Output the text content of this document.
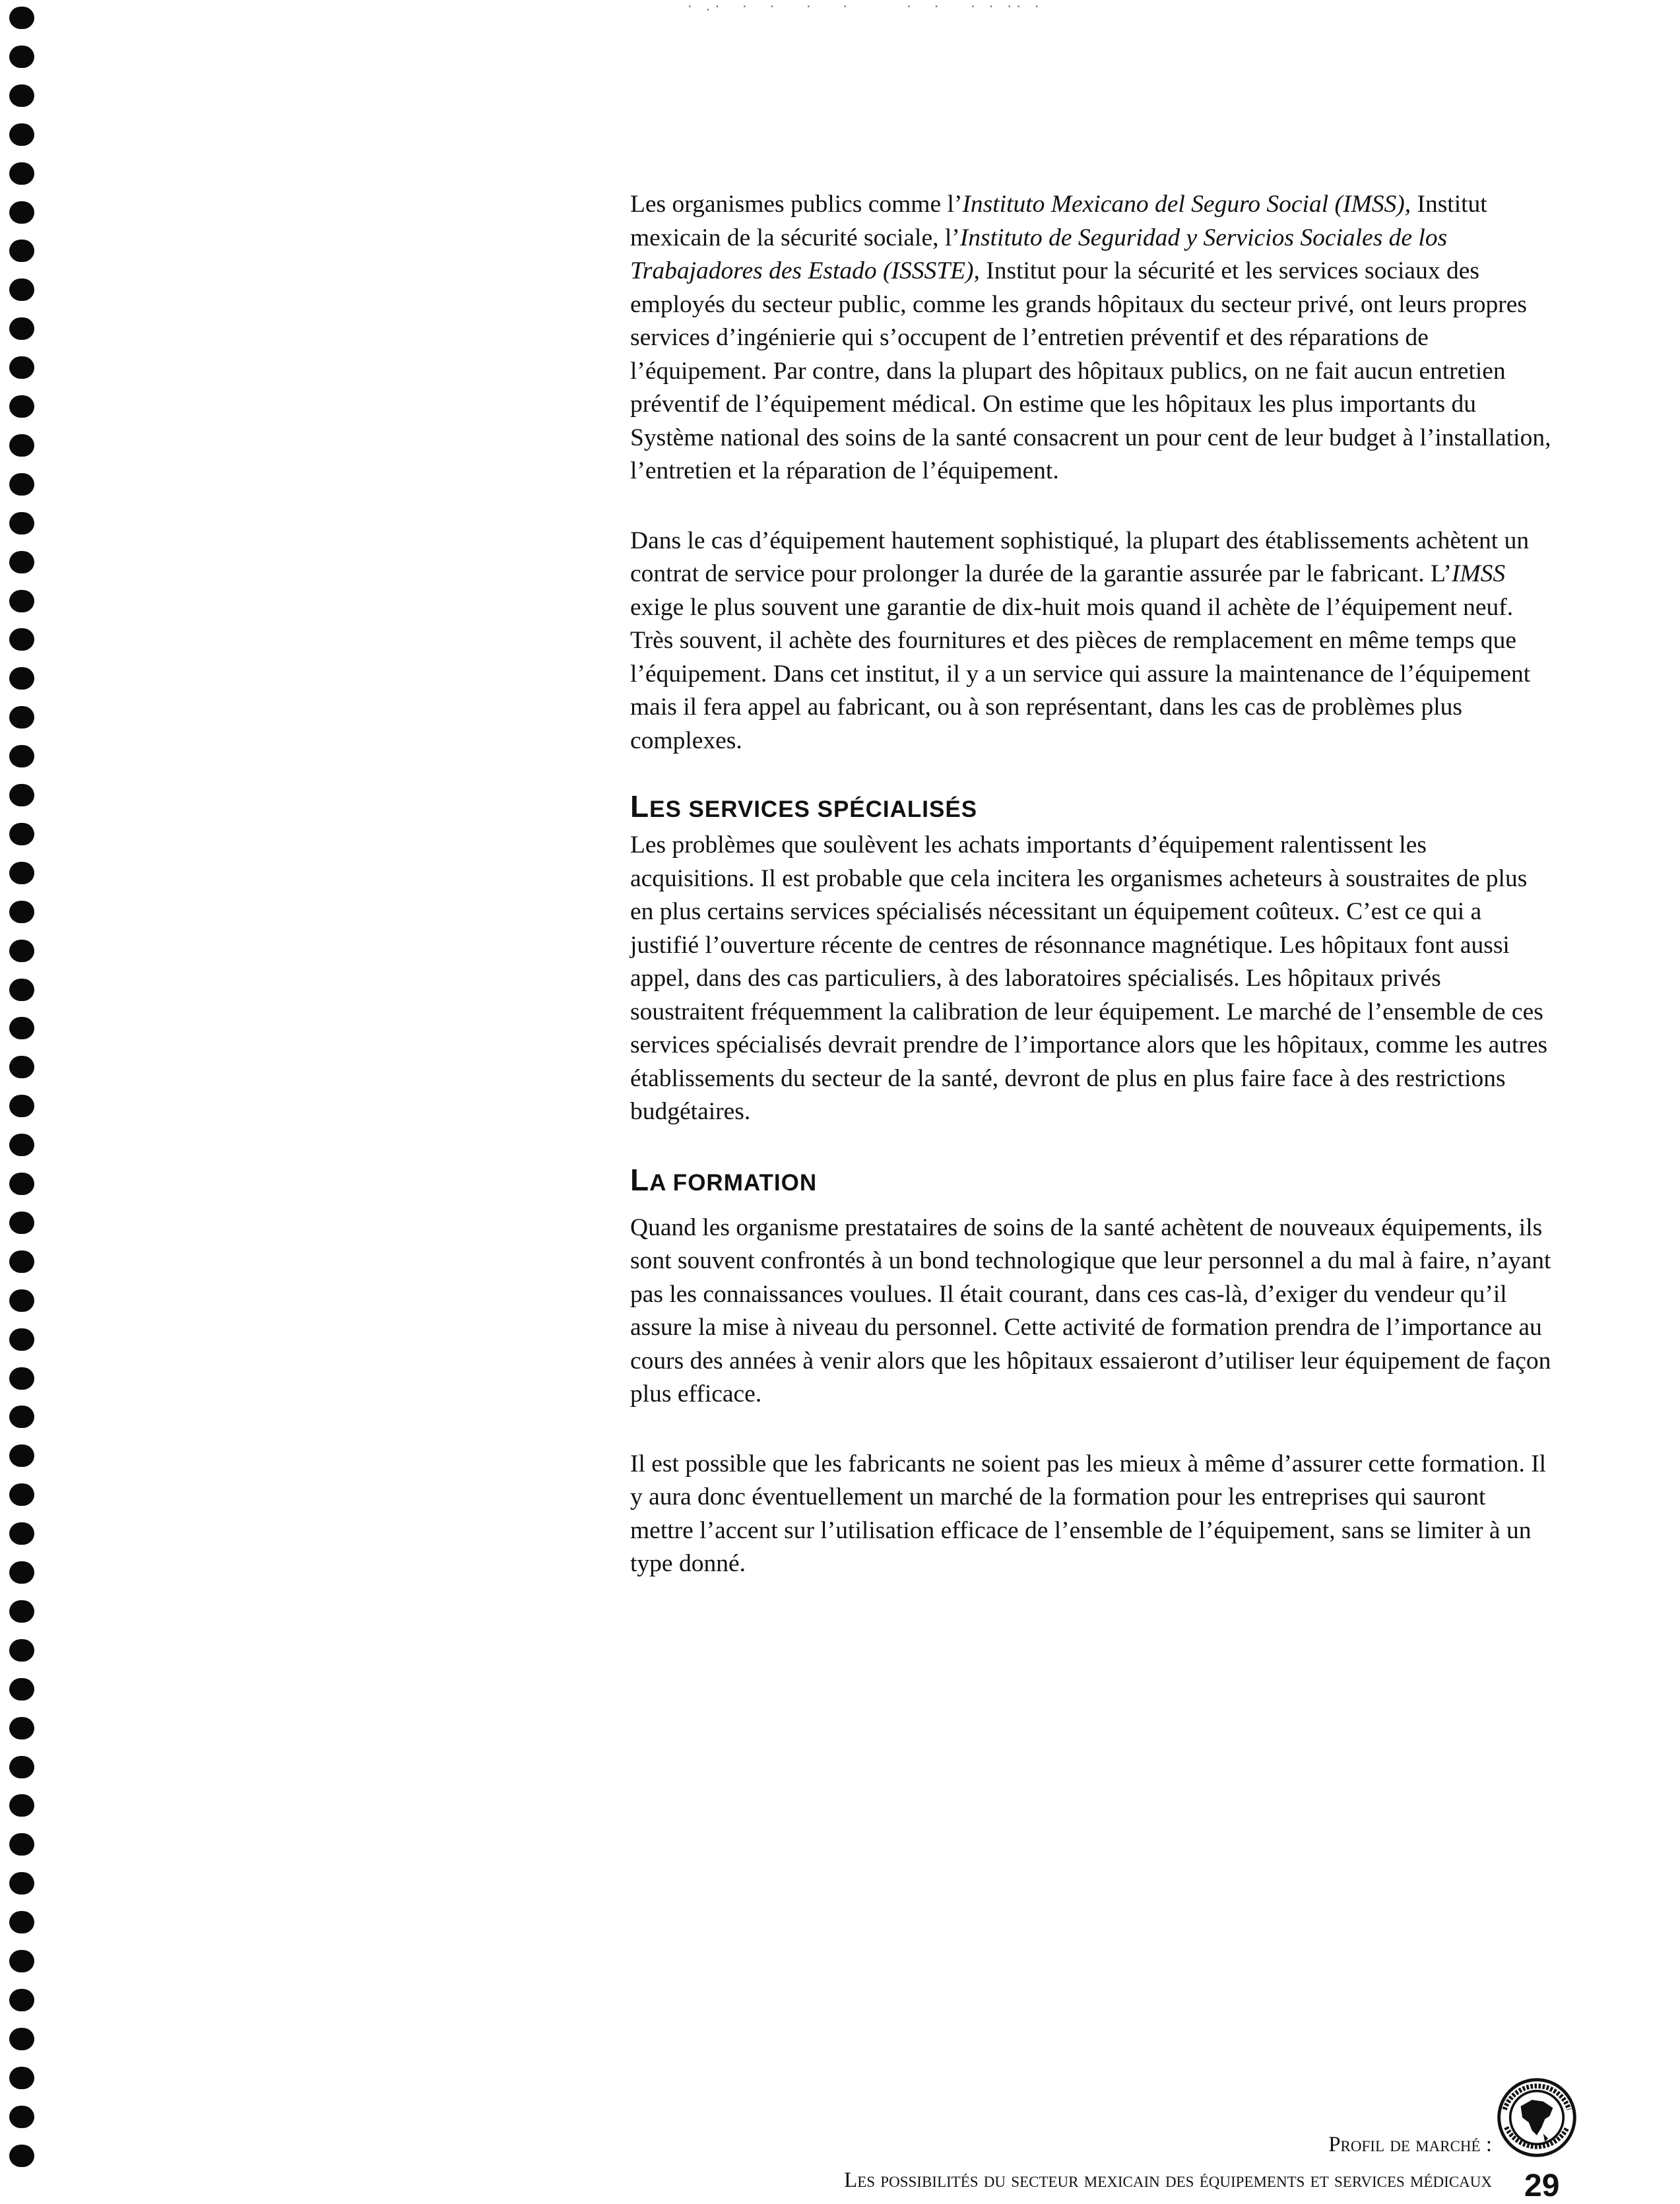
· .·  ·  ·   ·   ·      ·  ·   · · ·· ·

Les organismes publics comme l’Instituto Mexicano del Seguro Social (IMSS), Institut mexicain de la sécurité sociale, l’Instituto de Seguridad y Servicios Sociales de los Trabajadores des Estado (ISSSTE), Institut pour la sécurité et les services sociaux des employés du secteur public, comme les grands hôpitaux du secteur privé, ont leurs propres services d’ingénierie qui s’occupent de l’entretien préventif et des réparations de l’équipement. Par contre, dans la plupart des hôpitaux publics, on ne fait aucun entretien préventif de l’équipement médical. On estime que les hôpitaux les plus importants du Système national des soins de la santé consacrent un pour cent de leur budget à l’installation, l’entretien et la réparation de l’équipement.

Dans le cas d’équipement hautement sophistiqué, la plupart des établissements achètent un contrat de service pour prolonger la durée de la garantie assurée par le fabricant. L’IMSS exige le plus souvent une garantie de dix-huit mois quand il achète de l’équipement neuf. Très souvent, il achète des fournitures et des pièces de remplacement en même temps que l’équipement. Dans cet institut, il y a un service qui assure la maintenance de l’équipement mais il fera appel au fabricant, ou à son représentant, dans les cas de problèmes plus complexes.

LES SERVICES SPÉCIALISÉS

Les problèmes que soulèvent les achats importants d’équipement ralentissent les acquisitions. Il est probable que cela incitera les organismes acheteurs à soustraites de plus en plus certains services spécialisés nécessitant un équipement coûteux. C’est ce qui a justifié l’ouverture récente de centres de résonnance magnétique. Les hôpitaux font aussi appel, dans des cas particuliers, à des laboratoires spécialisés. Les hôpitaux privés soustraitent fréquemment la calibration de leur équipement. Le marché de l’ensemble de ces services spécialisés devrait prendre de l’importance alors que les hôpitaux, comme les autres établissements du secteur de la santé, devront de plus en plus faire face à des restrictions budgétaires.

LA FORMATION

Quand les organisme prestataires de soins de la santé achètent de nouveaux équipements, ils sont souvent confrontés à un bond technologique que leur personnel a du mal à faire, n’ayant pas les connaissances voulues. Il était courant, dans ces cas-là, d’exiger du vendeur qu’il assure la mise à niveau du personnel. Cette activité de formation prendra de l’importance au cours des années à venir alors que les hôpitaux essaieront d’utiliser leur équipement de façon plus efficace.

Il est possible que les fabricants ne soient pas les mieux à même d’assurer cette formation. Il y aura donc éventuellement un marché de la formation pour les entreprises qui sauront mettre l’accent sur l’utilisation efficace de l’ensemble de l’équipement, sans se limiter à un type donné.

Profil de marché :
Les possibilités du secteur mexicain des équipements et services médicaux 29
